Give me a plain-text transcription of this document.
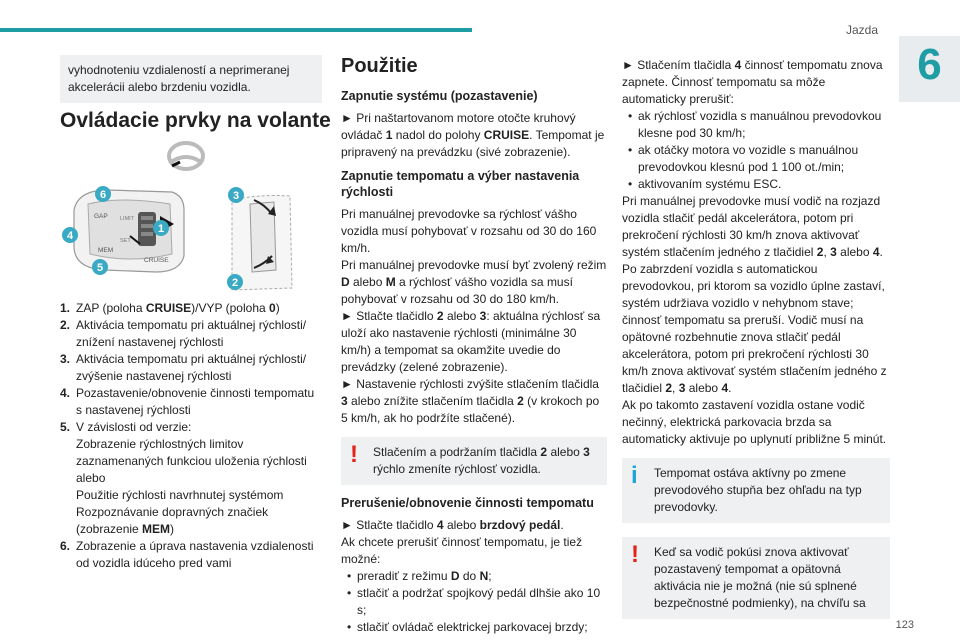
Jazda
6
123

vyhodnoteniu vzdialeností a neprimeranej akcelerácii alebo brzdeniu vozidla.

Ovládacie prvky na volante
1. ZAP (poloha CRUISE)/VYP (poloha 0)
2. Aktivácia tempomatu pri aktuálnej rýchlosti/ znížení nastavenej rýchlosti
3. Aktivácia tempomatu pri aktuálnej rýchlosti/ zvýšenie nastavenej rýchlosti
4. Pozastavenie/obnovenie činnosti tempomatu s nastavenej rýchlosti
5. V závislosti od verzie:
Zobrazenie rýchlostných limitov zaznamenaných funkciou uloženia rýchlosti alebo
Použitie rýchlosti navrhnutej systémom Rozpoznávanie dopravných značiek (zobrazenie MEM)
6. Zobrazenie a úprava nastavenia vzdialenosti od vozidla idúceho pred vami
GAP
MEM
CRUISE
LIMIT
SET
6
4
5
3
1
2
Použitie
Zapnutie systému (pozastavenie)

► Pri naštartovanom motore otočte kruhový ovládač 1 nadol do polohy CRUISE. Tempomat je pripravený na prevádzku (sivé zobrazenie).

Zapnutie tempomatu a výber nastavenia rýchlosti

Pri manuálnej prevodovke sa rýchlosť vášho vozidla musí pohybovať v rozsahu od 30 do 160 km/h.

Pri manuálnej prevodovke musí byť zvolený režim D alebo M a rýchlosť vášho vozidla sa musí pohybovať v rozsahu od 30 do 180 km/h.

► Stlačte tlačidlo 2 alebo 3: aktuálna rýchlosť sa uloží ako nastavenie rýchlosti (minimálne 30 km/h) a tempomat sa okamžite uvedie do prevádzky (zelené zobrazenie).

► Nastavenie rýchlosti zvýšite stlačením tlačidla 3 alebo znížite stlačením tlačidla 2 (v krokoch po 5 km/h, ak ho podržíte stlačené).

! Stlačením a podržaním tlačidla 2 alebo 3 rýchlo zmeníte rýchlosť vozidla.

Prerušenie/obnovenie činnosti tempomatu

► Stlačte tlačidlo 4 alebo brzdový pedál.

Ak chcete prerušiť činnosť tempomatu, je tiež možné:

• preradiť z režimu D do N;
• stlačiť a podržať spojkový pedál dlhšie ako 10 s;
• stlačiť ovládač elektrickej parkovacej brzdy;

► Stlačením tlačidla 4 činnosť tempomatu znova zapnete. Činnosť tempomatu sa môže automaticky prerušiť:

• ak rýchlosť vozidla s manuálnou prevodovkou klesne pod 30 km/h;
• ak otáčky motora vo vozidle s manuálnou prevodovkou klesnú pod 1 100 ot./min;
• aktivovaním systému ESC.

Pri manuálnej prevodovke musí vodič na rozjazd vozidla stlačiť pedál akcelerátora, potom pri prekročení rýchlosti 30 km/h znova aktivovať systém stlačením jedného z tlačidiel 2, 3 alebo 4.

Po zabrzdení vozidla s automatickou prevodovkou, pri ktorom sa vozidlo úplne zastaví, systém udržiava vozidlo v nehybnom stave; činnosť tempomatu sa preruší. Vodič musí na opätovné rozbehnutie znova stlačiť pedál akcelerátora, potom pri prekročení rýchlosti 30 km/h znova aktivovať systém stlačením jedného z tlačidiel 2, 3 alebo 4.

Ak po takomto zastavení vozidla ostane vodič nečinný, elektrická parkovacia brzda sa automaticky aktivuje po uplynutí približne 5 minút.

i Tempomat ostáva aktívny po zmene prevodového stupňa bez ohľadu na typ prevodovky.

! Keď sa vodič pokúsi znova aktivovať pozastavený tempomat a opätovná aktivácia nie je možná (nie sú splnené bezpečnostné podmienky), na chvíľu sa
